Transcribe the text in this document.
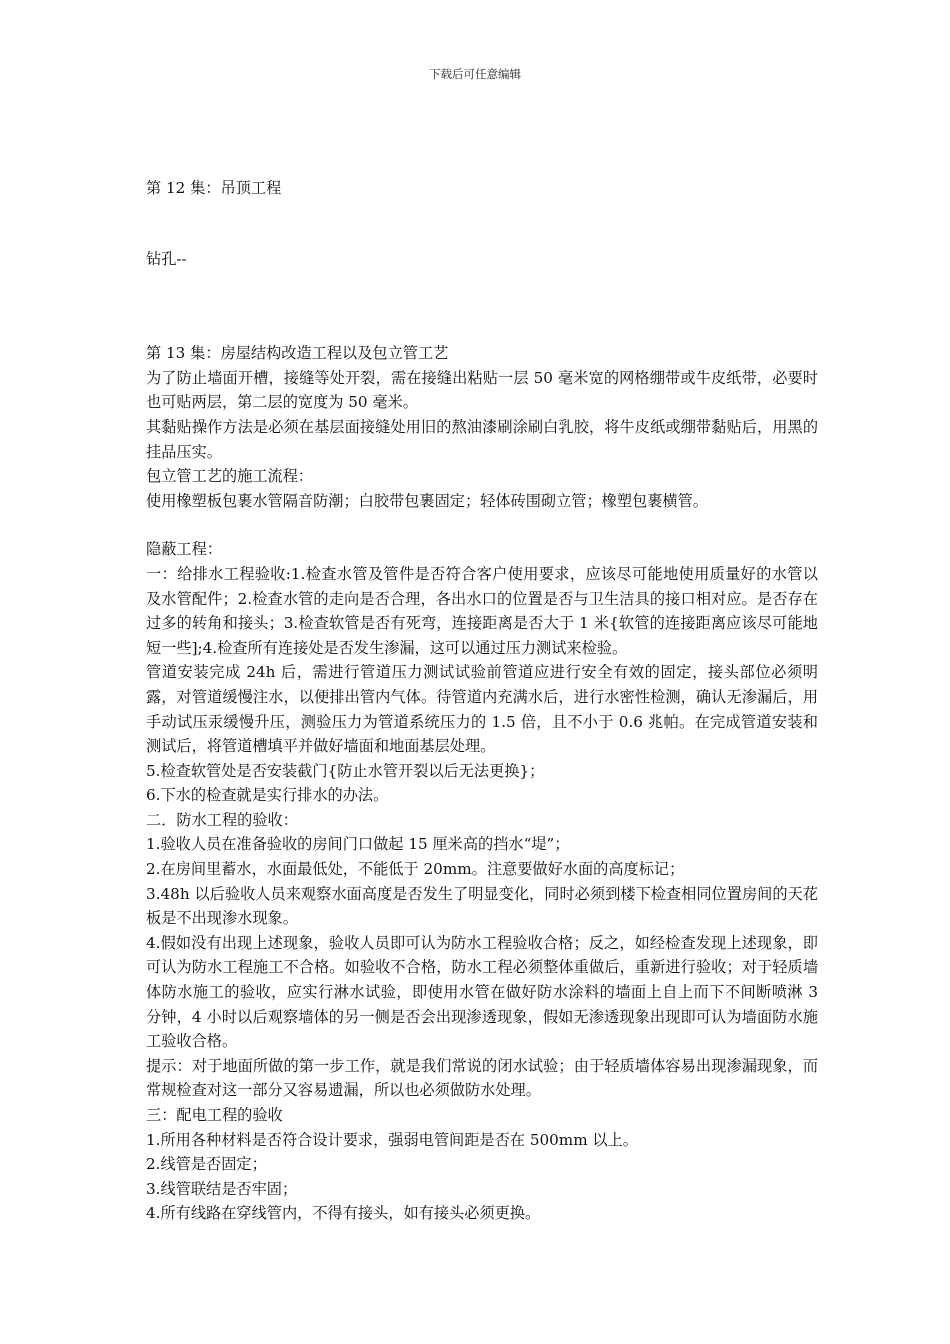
下载后可任意编辑

第 12 集：吊顶工程

钻孔--

第 13 集：房屋结构改造工程以及包立管工艺

为了防止墙面开槽，接缝等处开裂，需在接缝出粘贴一层 50 毫米宽的网格绷带或牛皮纸带，必要时也可贴两层，第二层的宽度为 50 毫米。

其黏贴操作方法是必须在基层面接缝处用旧的熬油漆刷涂刷白乳胶，将牛皮纸或绷带黏贴后，用黑的挂品压实。

包立管工艺的施工流程：

使用橡塑板包裹水管隔音防潮；白胶带包裹固定；轻体砖围砌立管；橡塑包裹横管。

隐蔽工程：

一：给排水工程验收:1.检查水管及管件是否符合客户使用要求，应该尽可能地使用质量好的水管以及水管配件；2.检查水管的走向是否合理，各出水口的位置是否与卫生洁具的接口相对应。是否存在过多的转角和接头；3.检查软管是否有死弯，连接距离是否大于 1 米{软管的连接距离应该尽可能地短一些];4.检查所有连接处是否发生渗漏，这可以通过压力测试来检验。

管道安装完成 24h 后，需进行管道压力测试试验前管道应进行安全有效的固定，接头部位必须明露，对管道缓慢注水，以便排出管内气体。待管道内充满水后，进行水密性检测，确认无渗漏后，用手动试压汞缓慢升压，测验压力为管道系统压力的 1.5 倍，且不小于 0.6 兆帕。在完成管道安装和测试后，将管道槽填平并做好墙面和地面基层处理。

5.检查软管处是否安装截门{防止水管开裂以后无法更换}；

6.下水的检查就是实行排水的办法。

二．防水工程的验收：

1.验收人员在准备验收的房间门口做起 15 厘米高的挡水“堤”；

2.在房间里蓄水，水面最低处，不能低于 20mm。注意要做好水面的高度标记；

3.48h 以后验收人员来观察水面高度是否发生了明显变化，同时必须到楼下检查相同位置房间的天花板是不出现渗水现象。

4.假如没有出现上述现象，验收人员即可认为防水工程验收合格；反之，如经检查发现上述现象，即可认为防水工程施工不合格。如验收不合格，防水工程必须整体重做后，重新进行验收；对于轻质墙体防水施工的验收，应实行淋水试验，即使用水管在做好防水涂料的墙面上自上而下不间断喷淋 3 分钟，4 小时以后观察墙体的另一侧是否会出现渗透现象，假如无渗透现象出现即可认为墙面防水施工验收合格。

提示：对于地面所做的第一步工作，就是我们常说的闭水试验；由于轻质墙体容易出现渗漏现象，而常规检查对这一部分又容易遗漏，所以也必须做防水处理。

三：配电工程的验收

1.所用各种材料是否符合设计要求，强弱电管间距是否在 500mm 以上。

2.线管是否固定；

3.线管联结是否牢固；

4.所有线路在穿线管内，不得有接头，如有接头必须更换。
